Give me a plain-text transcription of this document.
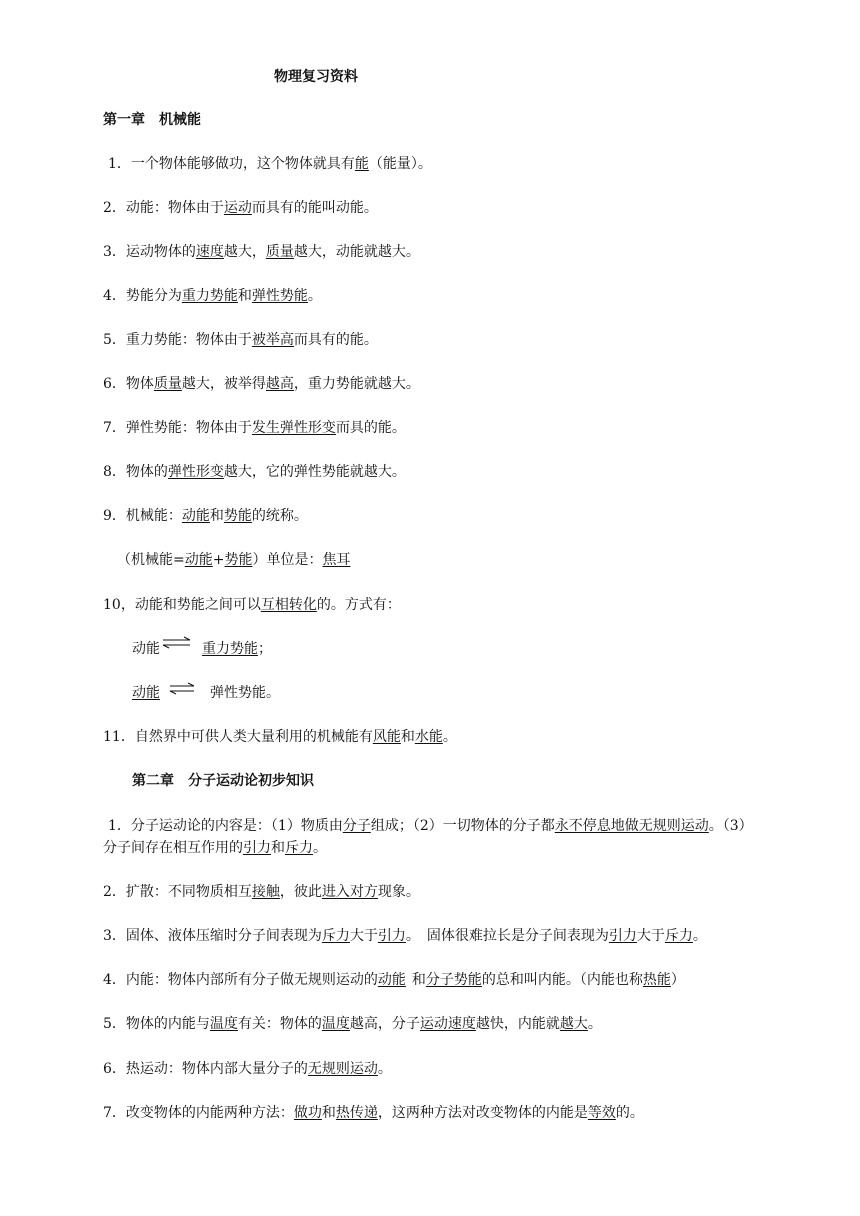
物理复习资料
第一章　机械能
1．一个物体能够做功，这个物体就具有能（能量）。
2．动能：物体由于运动而具有的能叫动能。
3．运动物体的速度越大，质量越大，动能就越大。
4．势能分为重力势能和弹性势能。
5．重力势能：物体由于被举高而具有的能。
6．物体质量越大，被举得越高，重力势能就越大。
7．弹性势能：物体由于发生弹性形变而具的能。
8．物体的弹性形变越大，它的弹性势能就越大。
9．机械能：动能和势能的统称。
（机械能=动能+势能）单位是：焦耳
10，动能和势能之间可以互相转化的。方式有：
动能 ⇌ 重力势能；
动能 ⇌ 弹性势能。
11．自然界中可供人类大量利用的机械能有风能和水能。
第二章　分子运动论初步知识
1．分子运动论的内容是：（1）物质由分子组成；（2）一切物体的分子都永不停息地做无规则运动。（3）
分子间存在相互作用的引力和斥力。
2．扩散：不同物质相互接触，彼此进入对方现象。
3．固体、液体压缩时分子间表现为斥力大于引力。　固体很难拉长是分子间表现为引力大于斥力。
4．内能：物体内部所有分子做无规则运动的动能 和分子势能的总和叫内能。（内能也称热能）
5．物体的内能与温度有关：物体的温度越高，分子运动速度越快，内能就越大。
6．热运动：物体内部大量分子的无规则运动。
7．改变物体的内能两种方法：做功和热传递，这两种方法对改变物体的内能是等效的。
